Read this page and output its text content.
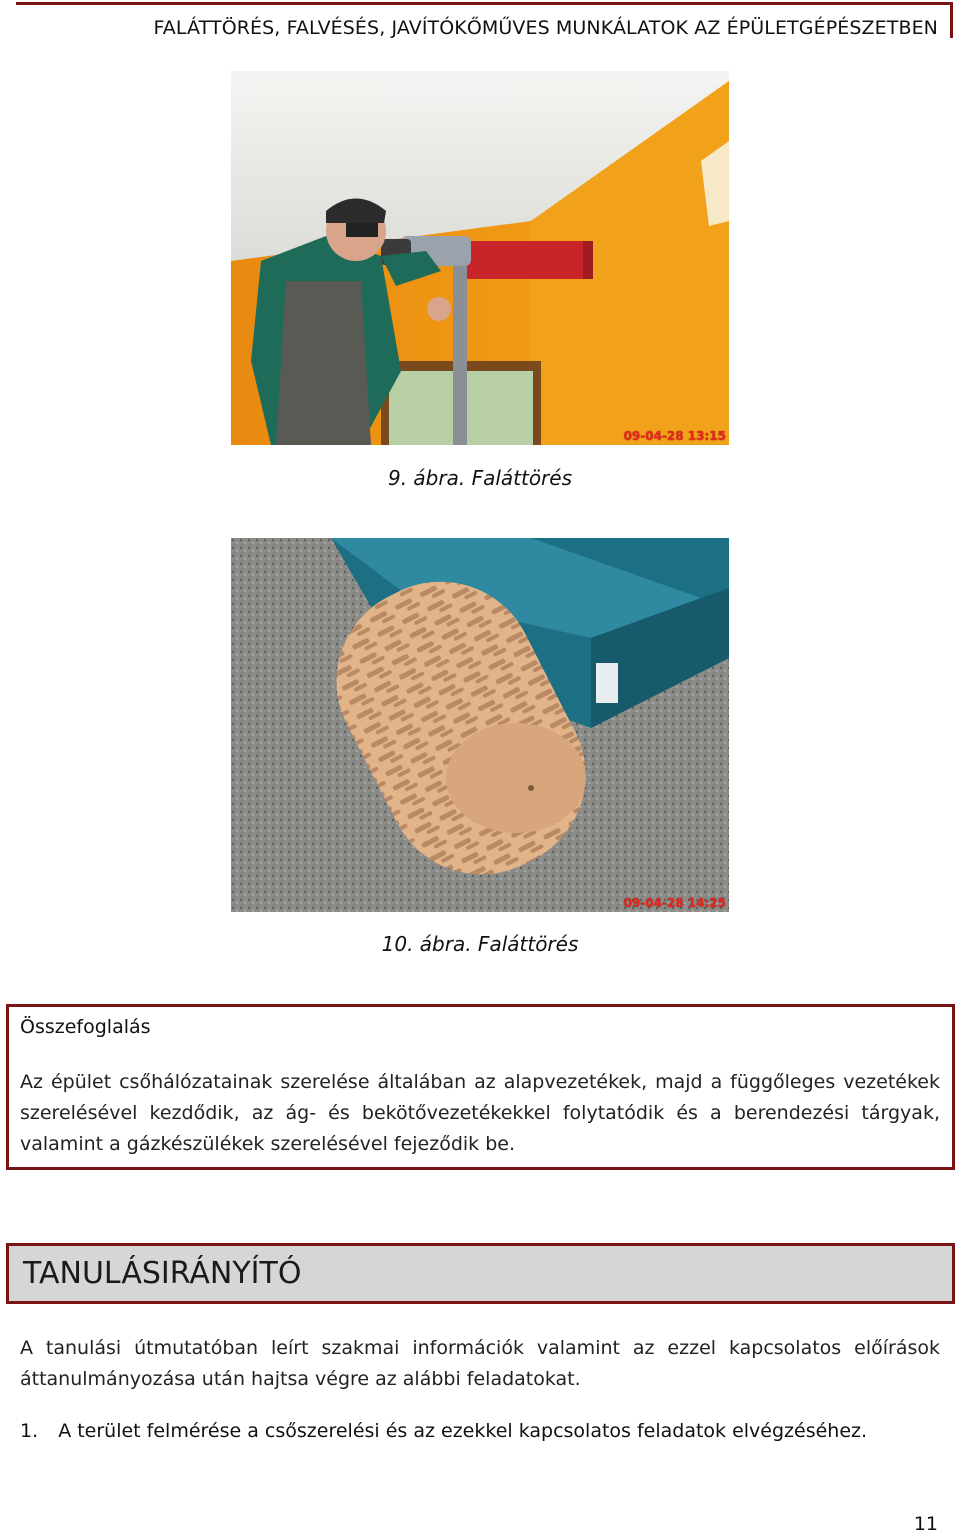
FALÁTTÖRÉS, FALVÉSÉS, JAVÍTÓKŐMŰVES MUNKÁLATOK AZ ÉPÜLETGÉPÉSZETBEN
09-04-28 13:15
9. ábra. Faláttörés
09-04-28 14:25
10. ábra. Faláttörés
Összefoglalás
Az épület csőhálózatainak szerelése általában az alapvezetékek, majd a függőleges vezetékek szerelésével kezdődik, az ág- és bekötővezetékekkel folytatódik és a berendezési tárgyak, valamint a gázkészülékek szerelésével fejeződik be.
TANULÁSIRÁNYÍTÓ
A tanulási útmutatóban leírt szakmai információk valamint az ezzel kapcsolatos előírások áttanulmányozása után hajtsa végre az alábbi feladatokat.
1. A terület felmérése a csőszerelési és az ezekkel kapcsolatos feladatok elvégzéséhez.
11
